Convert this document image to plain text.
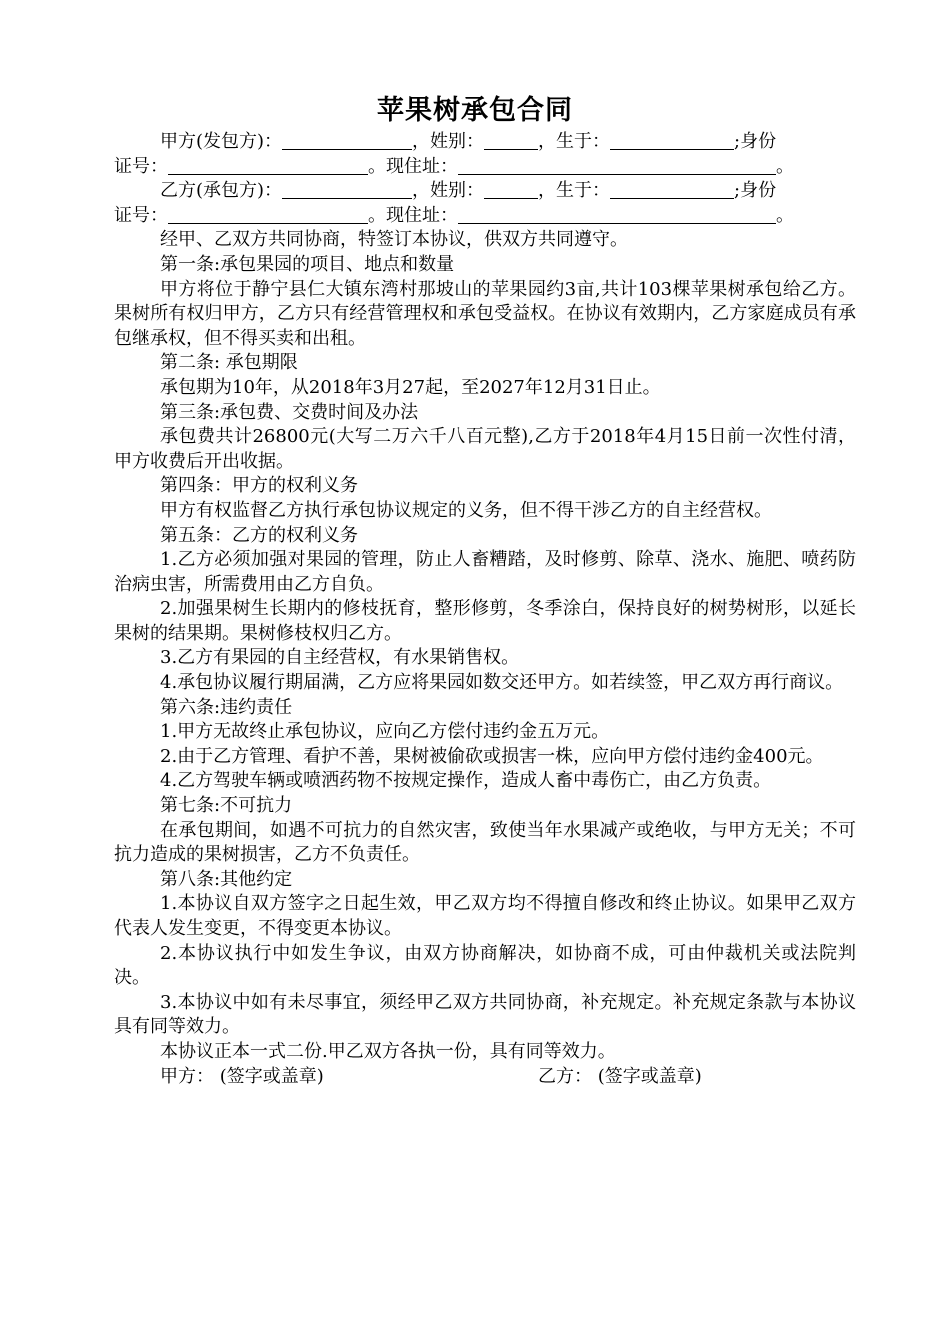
苹果树承包合同

甲方(发包方)：	，姓别：	，生于：	;身份

证号：	。现住址：	。

乙方(承包方)：	，姓别：	，生于：	;身份

证号：	。现住址：	。

经甲、乙双方共同协商，特签订本协议，供双方共同遵守。

第一条:承包果园的项目、地点和数量

甲方将位于静宁县仁大镇东湾村那坡山的苹果园约3亩,共计103棵苹果树承包给乙方。果树所有权归甲方，乙方只有经营管理权和承包受益权。在协议有效期内，乙方家庭成员有承包继承权，但不得买卖和出租。

第二条: 承包期限

承包期为10年，从2018年3月27起，至2027年12月31日止。

第三条:承包费、交费时间及办法

承包费共计26800元(大写二万六千八百元整),乙方于2018年4月15日前一次性付清，甲方收费后开出收据。

第四条：甲方的权利义务

甲方有权监督乙方执行承包协议规定的义务，但不得干涉乙方的自主经营权。

第五条：乙方的权利义务

1.乙方必须加强对果园的管理，防止人畜糟踏，及时修剪、除草、浇水、施肥、喷药防治病虫害，所需费用由乙方自负。

2.加强果树生长期内的修枝抚育，整形修剪，冬季涂白，保持良好的树势树形，以延长果树的结果期。果树修枝权归乙方。

3.乙方有果园的自主经营权，有水果销售权。

4.承包协议履行期届满，乙方应将果园如数交还甲方。如若续签，甲乙双方再行商议。

第六条:违约责任

1.甲方无故终止承包协议，应向乙方偿付违约金五万元。

2.由于乙方管理、看护不善，果树被偷砍或损害一株，应向甲方偿付违约金400元。

4.乙方驾驶车辆或喷洒药物不按规定操作，造成人畜中毒伤亡，由乙方负责。

第七条:不可抗力

在承包期间，如遇不可抗力的自然灾害，致使当年水果减产或绝收，与甲方无关；不可抗力造成的果树损害，乙方不负责任。

第八条:其他约定

1.本协议自双方签字之日起生效，甲乙双方均不得擅自修改和终止协议。如果甲乙双方代表人发生变更，不得变更本协议。

2.本协议执行中如发生争议，由双方协商解决，如协商不成，可由仲裁机关或法院判决。

3.本协议中如有未尽事宜，须经甲乙双方共同协商，补充规定。补充规定条款与本协议具有同等效力。

本协议正本一式二份.甲乙双方各执一份，具有同等效力。

甲方： (签字或盖章)	乙方： (签字或盖章)
